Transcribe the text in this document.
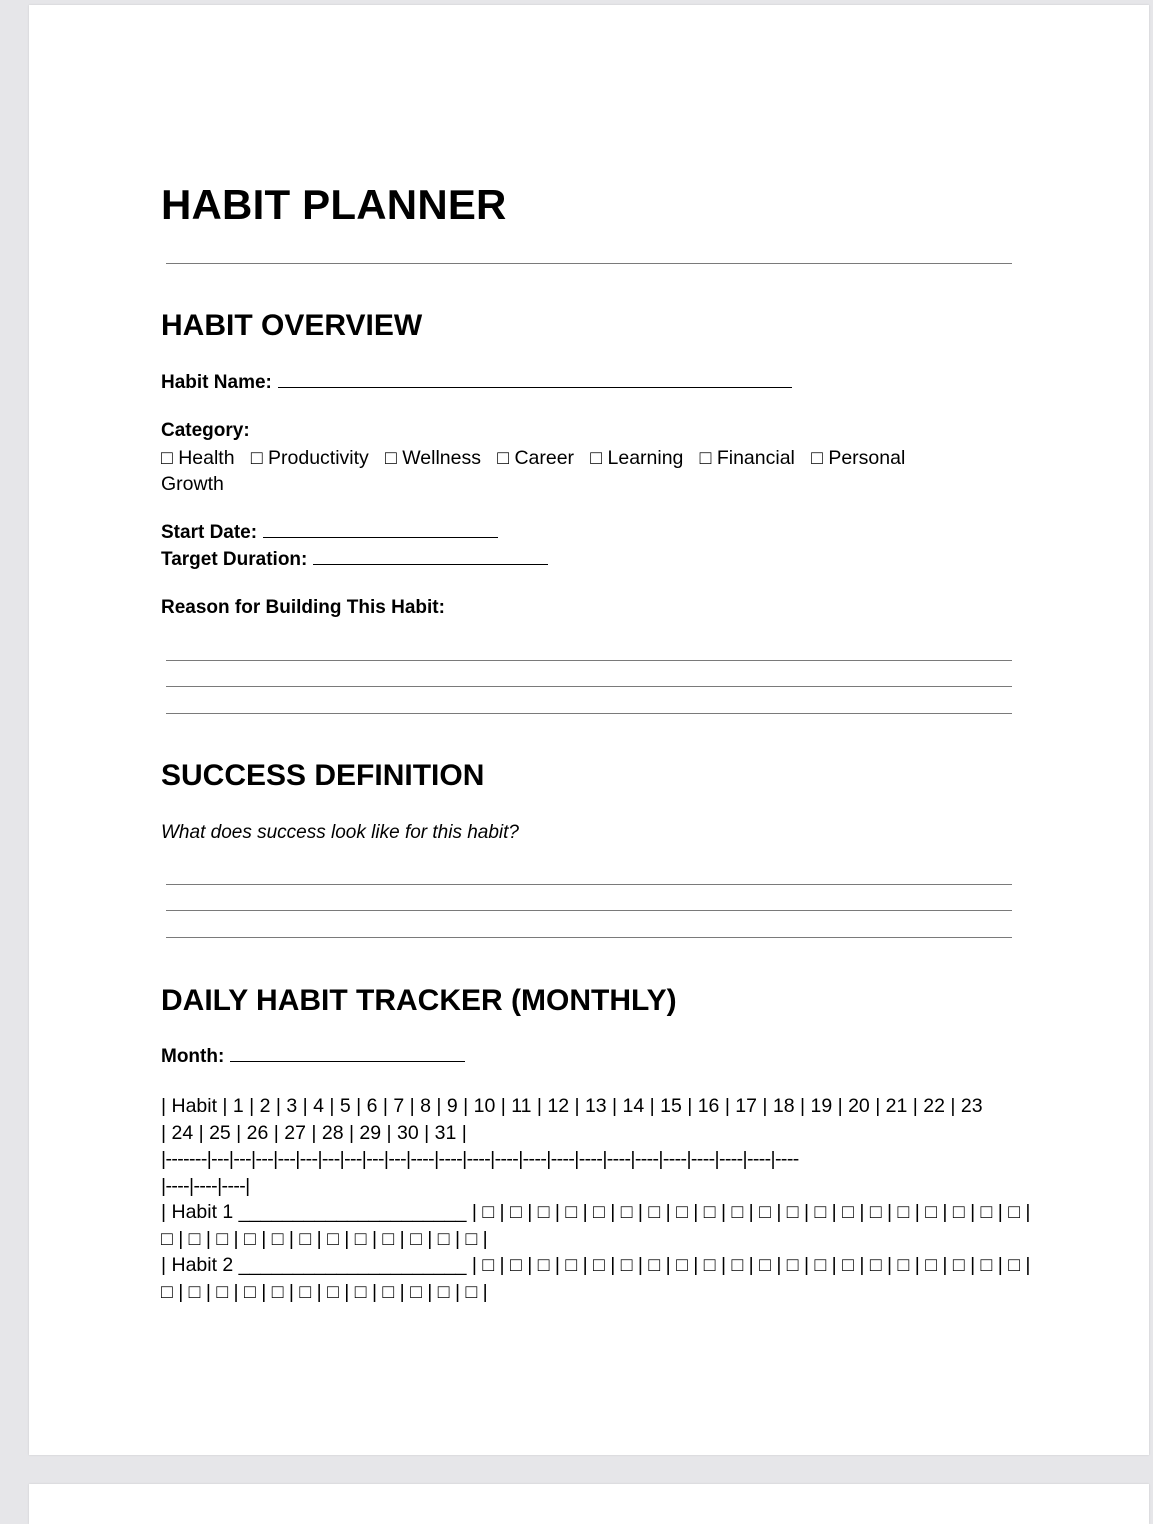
HABIT PLANNER
HABIT OVERVIEW
Habit Name:
Category:
□ Health   □ Productivity   □ Wellness   □ Career   □ Learning   □ Financial   □ Personal
Growth
Start Date:
Target Duration:
Reason for Building This Habit:
SUCCESS DEFINITION
What does success look like for this habit?
DAILY HABIT TRACKER (MONTHLY)
Month:
| Habit | 1 | 2 | 3 | 4 | 5 | 6 | 7 | 8 | 9 | 10 | 11 | 12 | 13 | 14 | 15 | 16 | 17 | 18 | 19 | 20 | 21 | 22 | 23
| 24 | 25 | 26 | 27 | 28 | 29 | 30 | 31 |
|-------|---|---|---|---|---|---|---|---|---|----|----|----|----|----|----|----|----|----|----|----|----|----|----
|----|----|----|
| Habit 1 _____________________ | □ | □ | □ | □ | □ | □ | □ | □ | □ | □ | □ | □ | □ | □ | □ | □ | □ | □ | □ | □ |
□ | □ | □ | □ | □ | □ | □ | □ | □ | □ | □ | □ |
| Habit 2 _____________________ | □ | □ | □ | □ | □ | □ | □ | □ | □ | □ | □ | □ | □ | □ | □ | □ | □ | □ | □ | □ |
□ | □ | □ | □ | □ | □ | □ | □ | □ | □ | □ | □ |
